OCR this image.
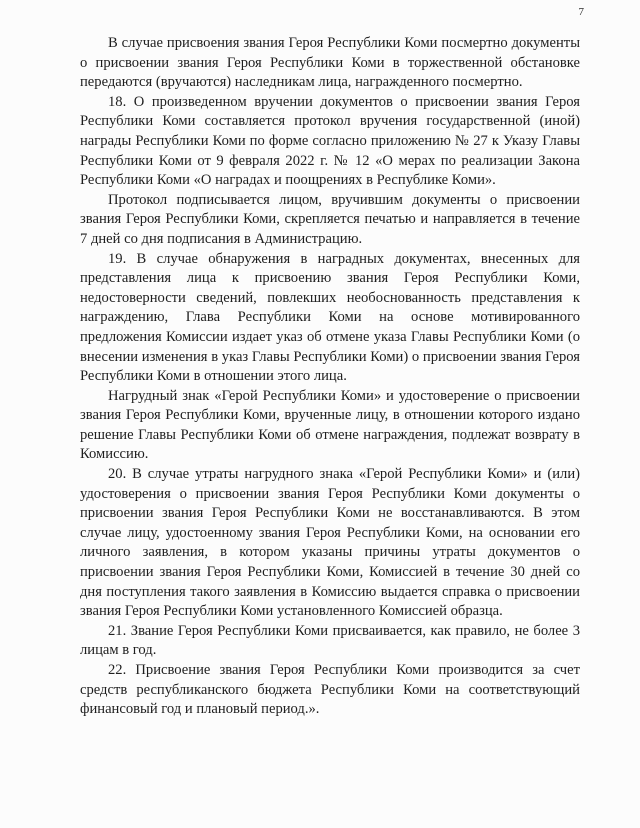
7

В случае присвоения звания Героя Республики Коми посмертно документы о присвоении звания Героя Республики Коми в торжественной обстановке передаются (вручаются) наследникам лица, награжденного посмертно.

18. О произведенном вручении документов о присвоении звания Героя Республики Коми составляется протокол вручения государственной (иной) награды Республики Коми по форме согласно приложению № 27 к Указу Главы Республики Коми от 9 февраля 2022 г. № 12 «О мерах по реализации Закона Республики Коми «О наградах и поощрениях в Республике Коми».

Протокол подписывается лицом, вручившим документы о присвоении звания Героя Республики Коми, скрепляется печатью и направляется в течение 7 дней со дня подписания в Администрацию.

19. В случае обнаружения в наградных документах, внесенных для представления лица к присвоению звания Героя Республики Коми, недостоверности сведений, повлекших необоснованность представления к награждению, Глава Республики Коми на основе мотивированного предложения Комиссии издает указ об отмене указа Главы Республики Коми (о внесении изменения в указ Главы Республики Коми) о присвоении звания Героя Республики Коми в отношении этого лица.

Нагрудный знак «Герой Республики Коми» и удостоверение о присвоении звания Героя Республики Коми, врученные лицу, в отношении которого издано решение Главы Республики Коми об отмене награждения, подлежат возврату в Комиссию.

20. В случае утраты нагрудного знака «Герой Республики Коми» и (или) удостоверения о присвоении звания Героя Республики Коми документы о присвоении звания Героя Республики Коми не восстанавливаются. В этом случае лицу, удостоенному звания Героя Республики Коми, на основании его личного заявления, в котором указаны причины утраты документов о присвоении звания Героя Республики Коми, Комиссией в течение 30 дней со дня поступления такого заявления в Комиссию выдается справка о присвоении звания Героя Республики Коми установленного Комиссией образца.

21. Звание Героя Республики Коми присваивается, как правило, не более 3 лицам в год.

22. Присвоение звания Героя Республики Коми производится за счет средств республиканского бюджета Республики Коми на соответствующий финансовый год и плановый период.».
